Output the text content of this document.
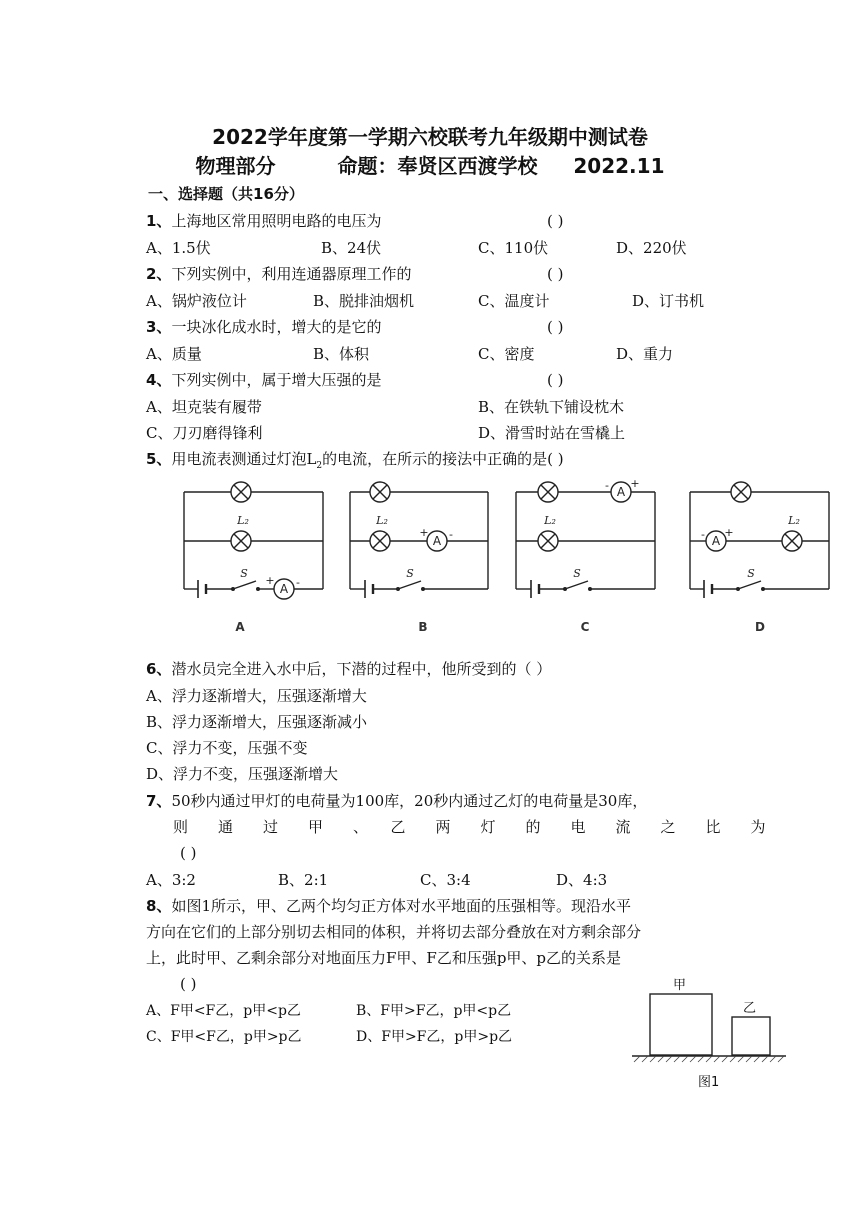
2022学年度第一学期六校联考九年级期中测试卷
物理部分	命题：奉贤区西渡学校 2022.11
一、选择题（共16分）
1、上海地区常用照明电路的电压为	( )
A、1.5伏	B、24伏	C、110伏	D、220伏
2、下列实例中，利用连通器原理工作的	( )
A、锅炉液位计	B、脱排油烟机	C、温度计	D、订书机
3、一块冰化成水时，增大的是它的	( )
A、质量	B、体积	C、密度	D、重力
4、下列实例中，属于增大压强的是	( )
A、坦克装有履带	B、在铁轨下铺设枕木
C、刀刃磨得锋利	D、滑雪时站在雪橇上
5、用电流表测通过灯泡$L_2$的电流，在所示的接法中正确的是( )
A
A
A
A
+ -
+ -
- +
- +
L₂	L₂	L₂	L₂
S	S	S	S
A	B	C	D
6、潜水员完全进入水中后，下潜的过程中，他所受到的（ ）
A、浮力逐渐增大，压强逐渐增大
B、浮力逐渐增大，压强逐渐减小
C、浮力不变，压强不变
D、浮力不变，压强逐渐增大
7、50秒内通过甲灯的电荷量为100库，20秒内通过乙灯的电荷量是30库，
则　　通　　过　　甲　　、　　乙　　两　　灯　　的　　电　　流　　之　　比　　为
( )
A、3:2	B、2:1	C、3:4	D、4:3
8、如图1所示，甲、乙两个均匀正方体对水平地面的压强相等。现沿水平
方向在它们的上部分别切去相同的体积，并将切去部分叠放在对方剩余部分
上，此时甲、乙剩余部分对地面压力F甲、F乙和压强p甲、p乙的关系是
( )
A、F甲<F乙，p甲<p乙	B、F甲>F乙，p甲<p乙
C、F甲<F乙，p甲>p乙	D、F甲>F乙，p甲>p乙
甲
乙
图1
